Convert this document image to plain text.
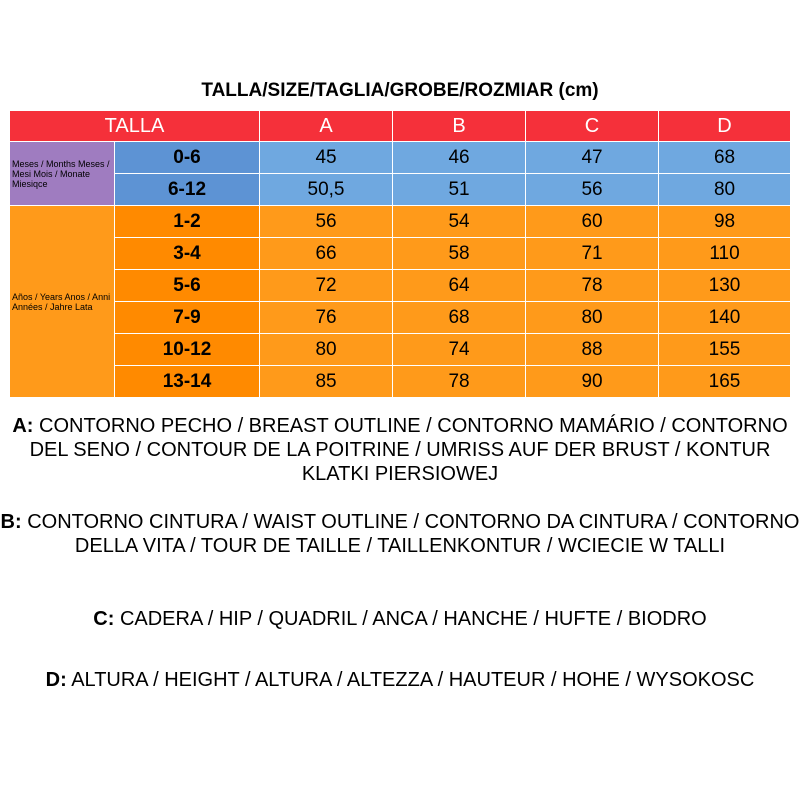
TALLA/SIZE/TAGLIA/GROBE/ROZMIAR (cm)
TALLA		A	B	C	D
Meses / Months Meses / Mesi Mois / Monate Miesiqce	0-6	45	46	47	68
	6-12	50,5	51	56	80
Años / Years Anos / Anni Années / Jahre Lata	1-2	56	54	60	98
	3-4	66	58	71	110
	5-6	72	64	78	130
	7-9	76	68	80	140
	10-12	80	74	88	155
	13-14	85	78	90	165
A: CONTORNO PECHO / BREAST OUTLINE / CONTORNO MAMÁRIO / CONTORNO DEL SENO / CONTOUR DE LA POITRINE / UMRISS AUF DER BRUST / KONTUR KLATKI PIERSIOWEJ
B: CONTORNO CINTURA / WAIST OUTLINE / CONTORNO DA CINTURA / CONTORNO DELLA VITA / TOUR DE TAILLE / TAILLENKONTUR / WCIECIE W TALLI
C: CADERA / HIP / QUADRIL / ANCA / HANCHE / HUFTE / BIODRO
D: ALTURA / HEIGHT / ALTURA / ALTEZZA / HAUTEUR / HOHE / WYSOKOSC
